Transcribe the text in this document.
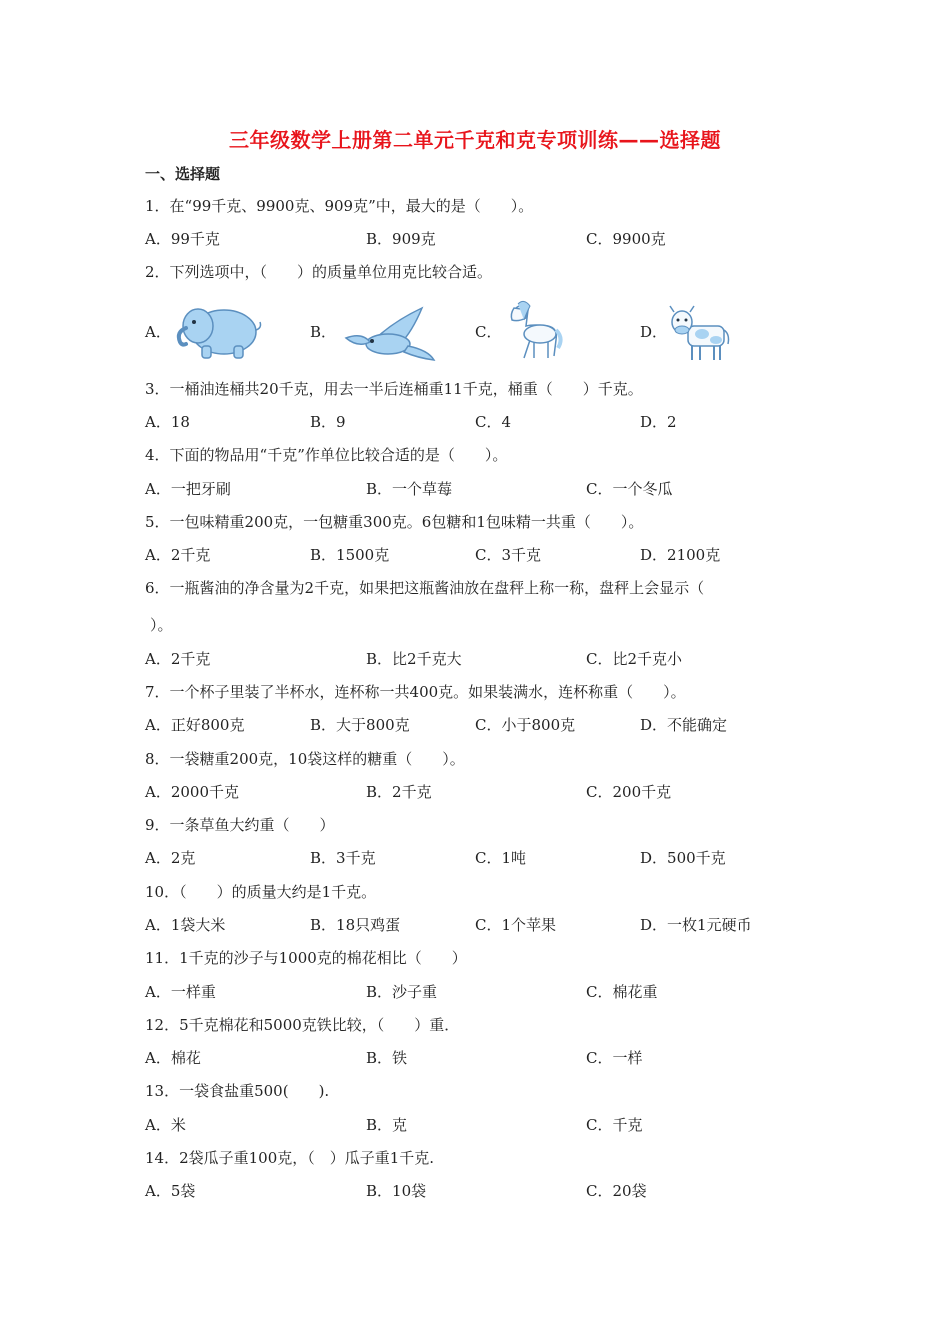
三年级数学上册第二单元千克和克专项训练——选择题
一、选择题
1．在“99千克、9900克、909克”中，最大的是（　　）。
A．99千克	B．909克	C．9900克
2．下列选项中，（　　）的质量单位用克比较合适。
A．	B．	C．	D．
3．一桶油连桶共20千克，用去一半后连桶重11千克，桶重（　　）千克。
A．18	B．9	C．4	D．2
4．下面的物品用“千克”作单位比较合适的是（　　）。
A．一把牙刷	B．一个草莓	C．一个冬瓜
5．一包味精重200克，一包糖重300克。6包糖和1包味精一共重（　　）。
A．2千克	B．1500克	C．3千克	D．2100克
6．一瓶酱油的净含量为2千克，如果把这瓶酱油放在盘秤上称一称，盘秤上会显示（
）。
A．2千克	B．比2千克大	C．比2千克小
7．一个杯子里装了半杯水，连杯称一共400克。如果装满水，连杯称重（　　）。
A．正好800克	B．大于800克	C．小于800克	D．不能确定
8．一袋糖重200克，10袋这样的糖重（　　）。
A．2000千克	B．2千克	C．200千克
9．一条草鱼大约重（　　）
A．2克	B．3千克	C．1吨	D．500千克
10．（　　）的质量大约是1千克。
A．1袋大米	B．18只鸡蛋	C．1个苹果	D．一枚1元硬币
11．1千克的沙子与1000克的棉花相比（　　）
A．一样重	B．沙子重	C．棉花重
12．5千克棉花和5000克铁比较，（　　）重．
A．棉花	B．铁	C．一样
13．一袋食盐重500(　　).
A．米	B．克	C．千克
14．2袋瓜子重100克，（　）瓜子重1千克.
A．5袋	B．10袋	C．20袋
